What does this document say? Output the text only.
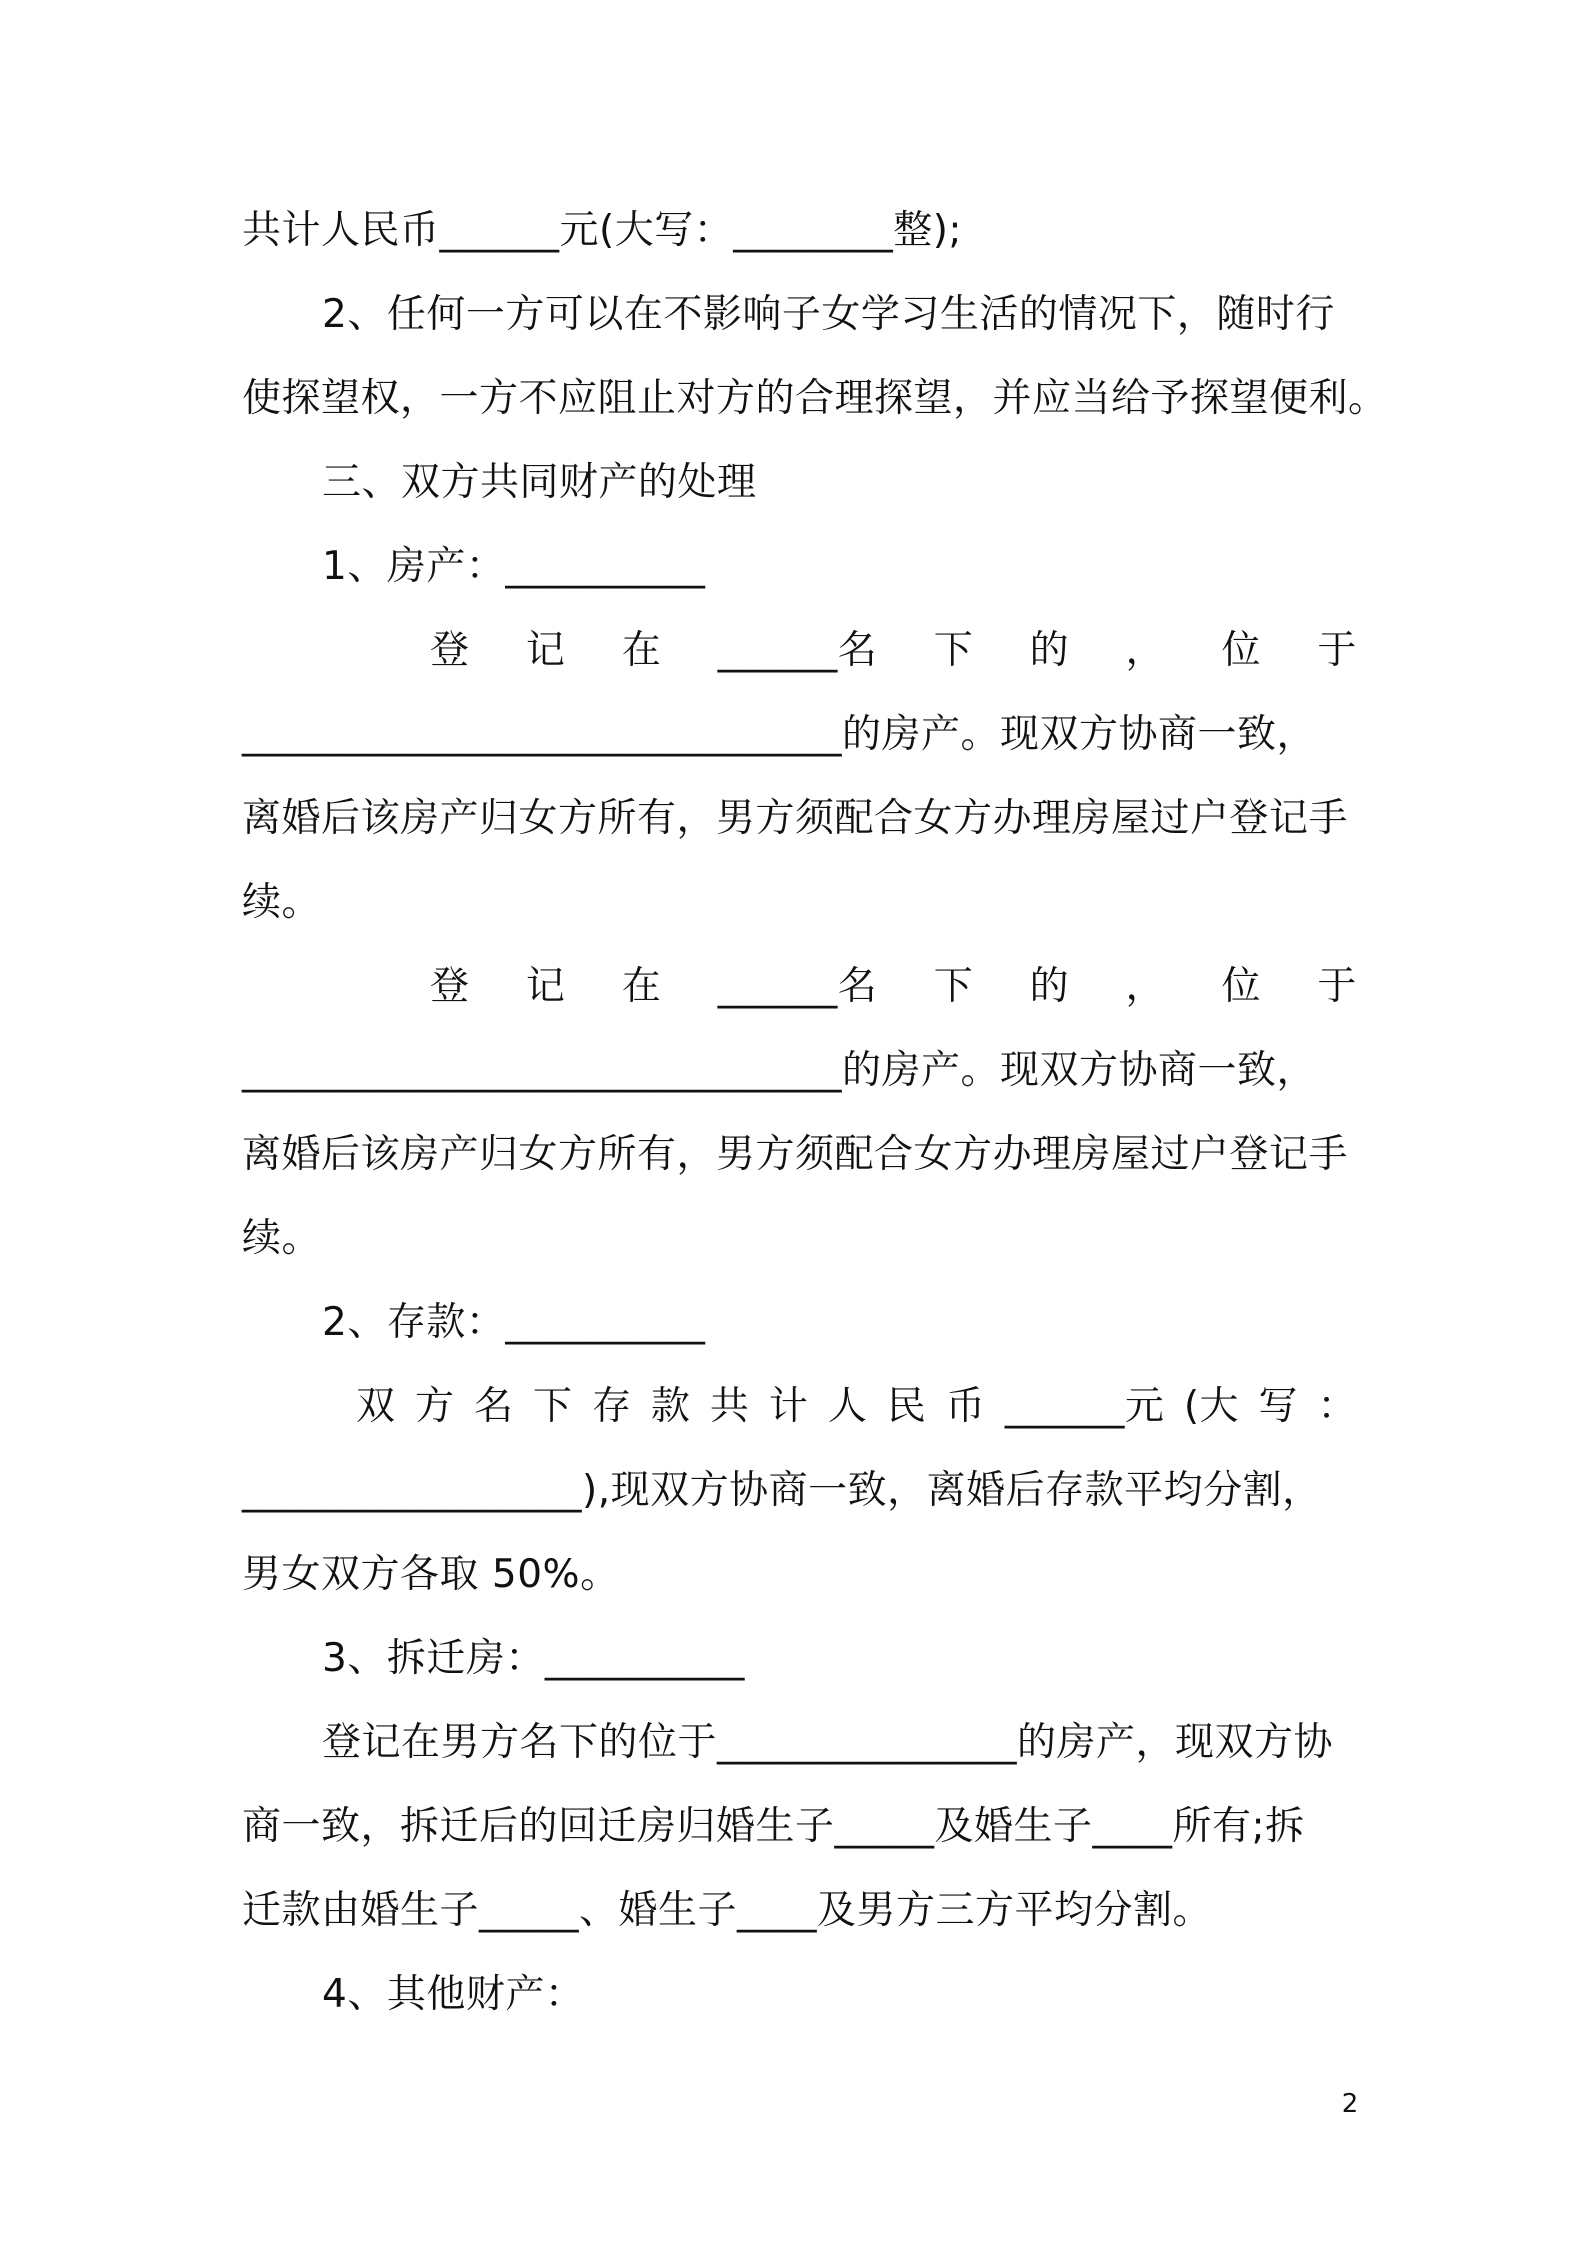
共计人民币______元(大写：________整);
2、任何一方可以在不影响子女学习生活的情况下，随时行
使探望权，一方不应阻止对方的合理探望，并应当给予探望便利。
三、双方共同财产的处理
1、房产：__________
登 记 在 ______名 下 的 ， 位 于
______________________________的房产。现双方协商一致，
离婚后该房产归女方所有，男方须配合女方办理房屋过户登记手
续。
登 记 在 ______名 下 的 ， 位 于
______________________________的房产。现双方协商一致，
离婚后该房产归女方所有，男方须配合女方办理房屋过户登记手
续。
2、存款：__________
双 方 名 下 存 款 共 计 人 民 币 ______元 (大 写 ：
_________________),现双方协商一致，离婚后存款平均分割，
男女双方各取 50%。
3、拆迁房：__________
登记在男方名下的位于_______________的房产，现双方协
商一致，拆迁后的回迁房归婚生子_____及婚生子____所有;拆
迁款由婚生子_____、婚生子____及男方三方平均分割。
4、其他财产：
2
